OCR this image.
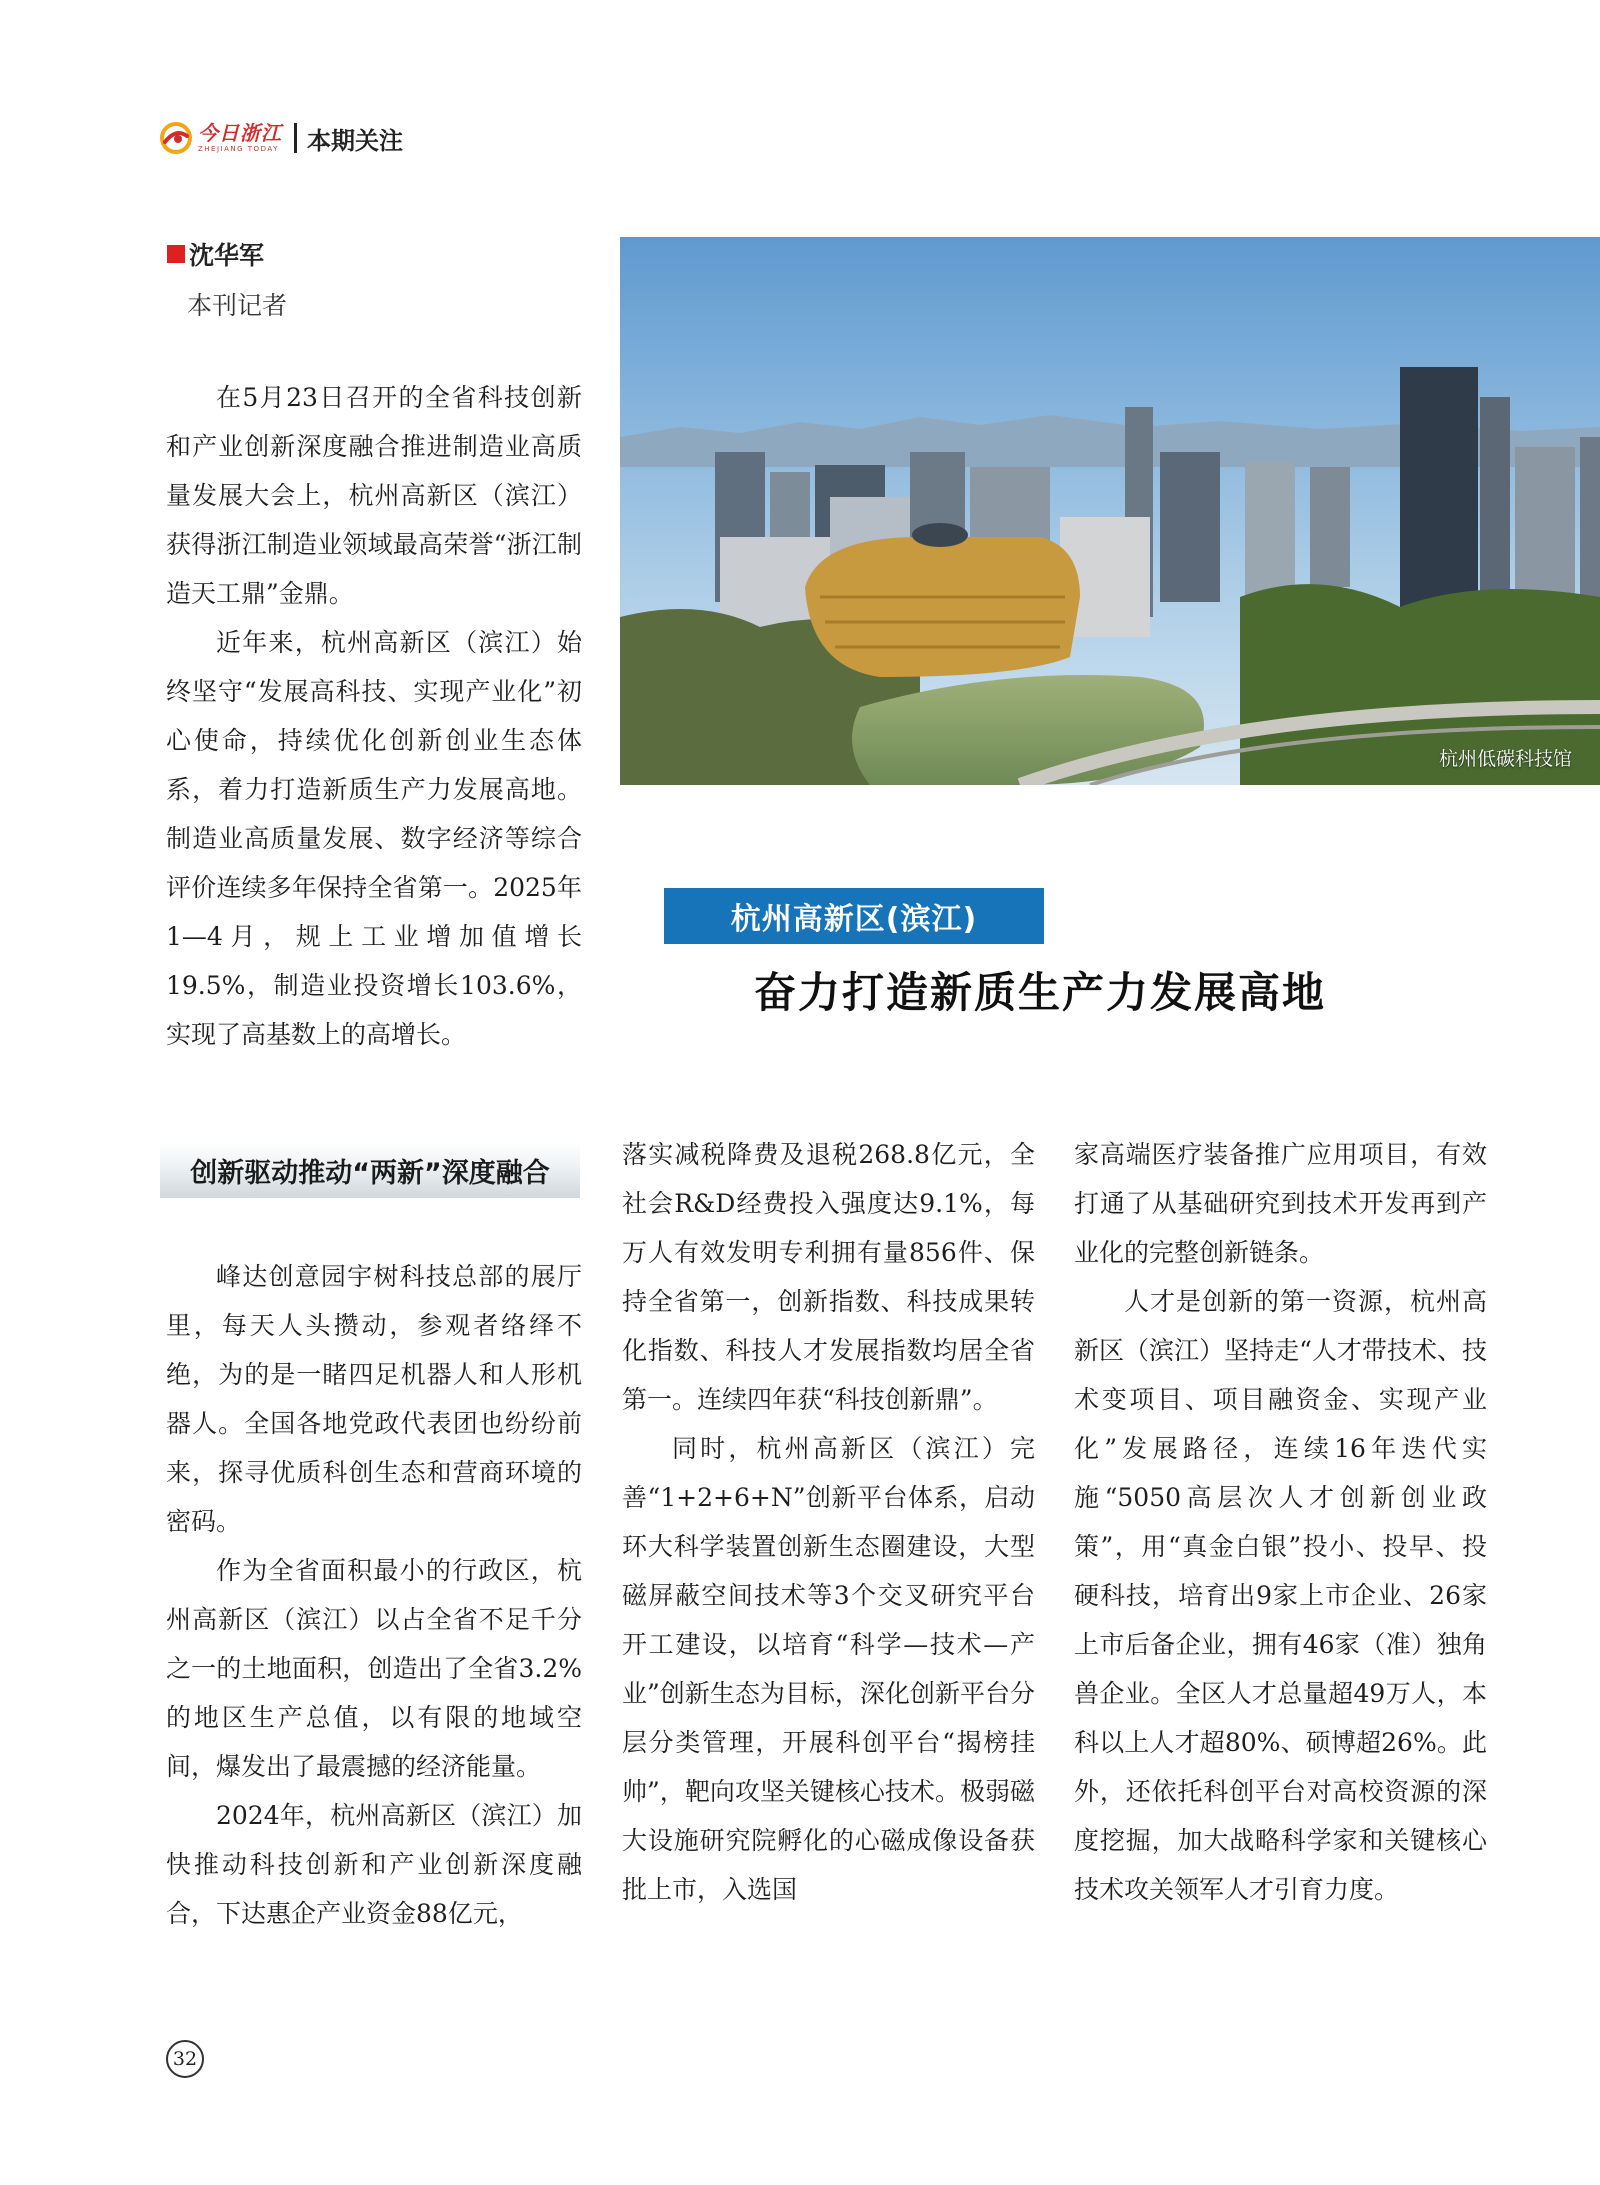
今日浙江
ZHEJIANG TODAY 本期关注
沈华军
本刊记者

在5月23日召开的全省科技创新和产业创新深度融合推进制造业高质量发展大会上，杭州高新区（滨江）获得浙江制造业领域最高荣誉“浙江制造天工鼎”金鼎。

近年来，杭州高新区（滨江）始终坚守“发展高科技、实现产业化”初心使命，持续优化创新创业生态体系，着力打造新质生产力发展高地。制造业高质量发展、数字经济等综合评价连续多年保持全省第一。2025年1—4月，规上工业增加值增长19.5%，制造业投资增长103.6%，实现了高基数上的高增长。

创新驱动推动“两新”深度融合

峰达创意园宇树科技总部的展厅里，每天人头攒动，参观者络绎不绝，为的是一睹四足机器人和人形机器人。全国各地党政代表团也纷纷前来，探寻优质科创生态和营商环境的密码。

作为全省面积最小的行政区，杭州高新区（滨江）以占全省不足千分之一的土地面积，创造出了全省3.2%的地区生产总值，以有限的地域空间，爆发出了最震撼的经济能量。

2024年，杭州高新区（滨江）加快推动科技创新和产业创新深度融合，下达惠企产业资金88亿元，

杭州低碳科技馆
杭州高新区(滨江)
奋力打造新质生产力发展高地

落实减税降费及退税268.8亿元，全社会R&D经费投入强度达9.1%，每万人有效发明专利拥有量856件、保持全省第一，创新指数、科技成果转化指数、科技人才发展指数均居全省第一。连续四年获“科技创新鼎”。

同时，杭州高新区（滨江）完善“1+2+6+N”创新平台体系，启动环大科学装置创新生态圈建设，大型磁屏蔽空间技术等3个交叉研究平台开工建设，以培育“科学—技术—产业”创新生态为目标，深化创新平台分层分类管理，开展科创平台“揭榜挂帅”，靶向攻坚关键核心技术。极弱磁大设施研究院孵化的心磁成像设备获批上市，入选国

家高端医疗装备推广应用项目，有效打通了从基础研究到技术开发再到产业化的完整创新链条。

人才是创新的第一资源，杭州高新区（滨江）坚持走“人才带技术、技术变项目、项目融资金、实现产业化”发展路径，连续16年迭代实施“5050高层次人才创新创业政策”，用“真金白银”投小、投早、投硬科技，培育出9家上市企业、26家上市后备企业，拥有46家（准）独角兽企业。全区人才总量超49万人，本科以上人才超80%、硕博超26%。此外，还依托科创平台对高校资源的深度挖掘，加大战略科学家和关键核心技术攻关领军人才引育力度。

32
